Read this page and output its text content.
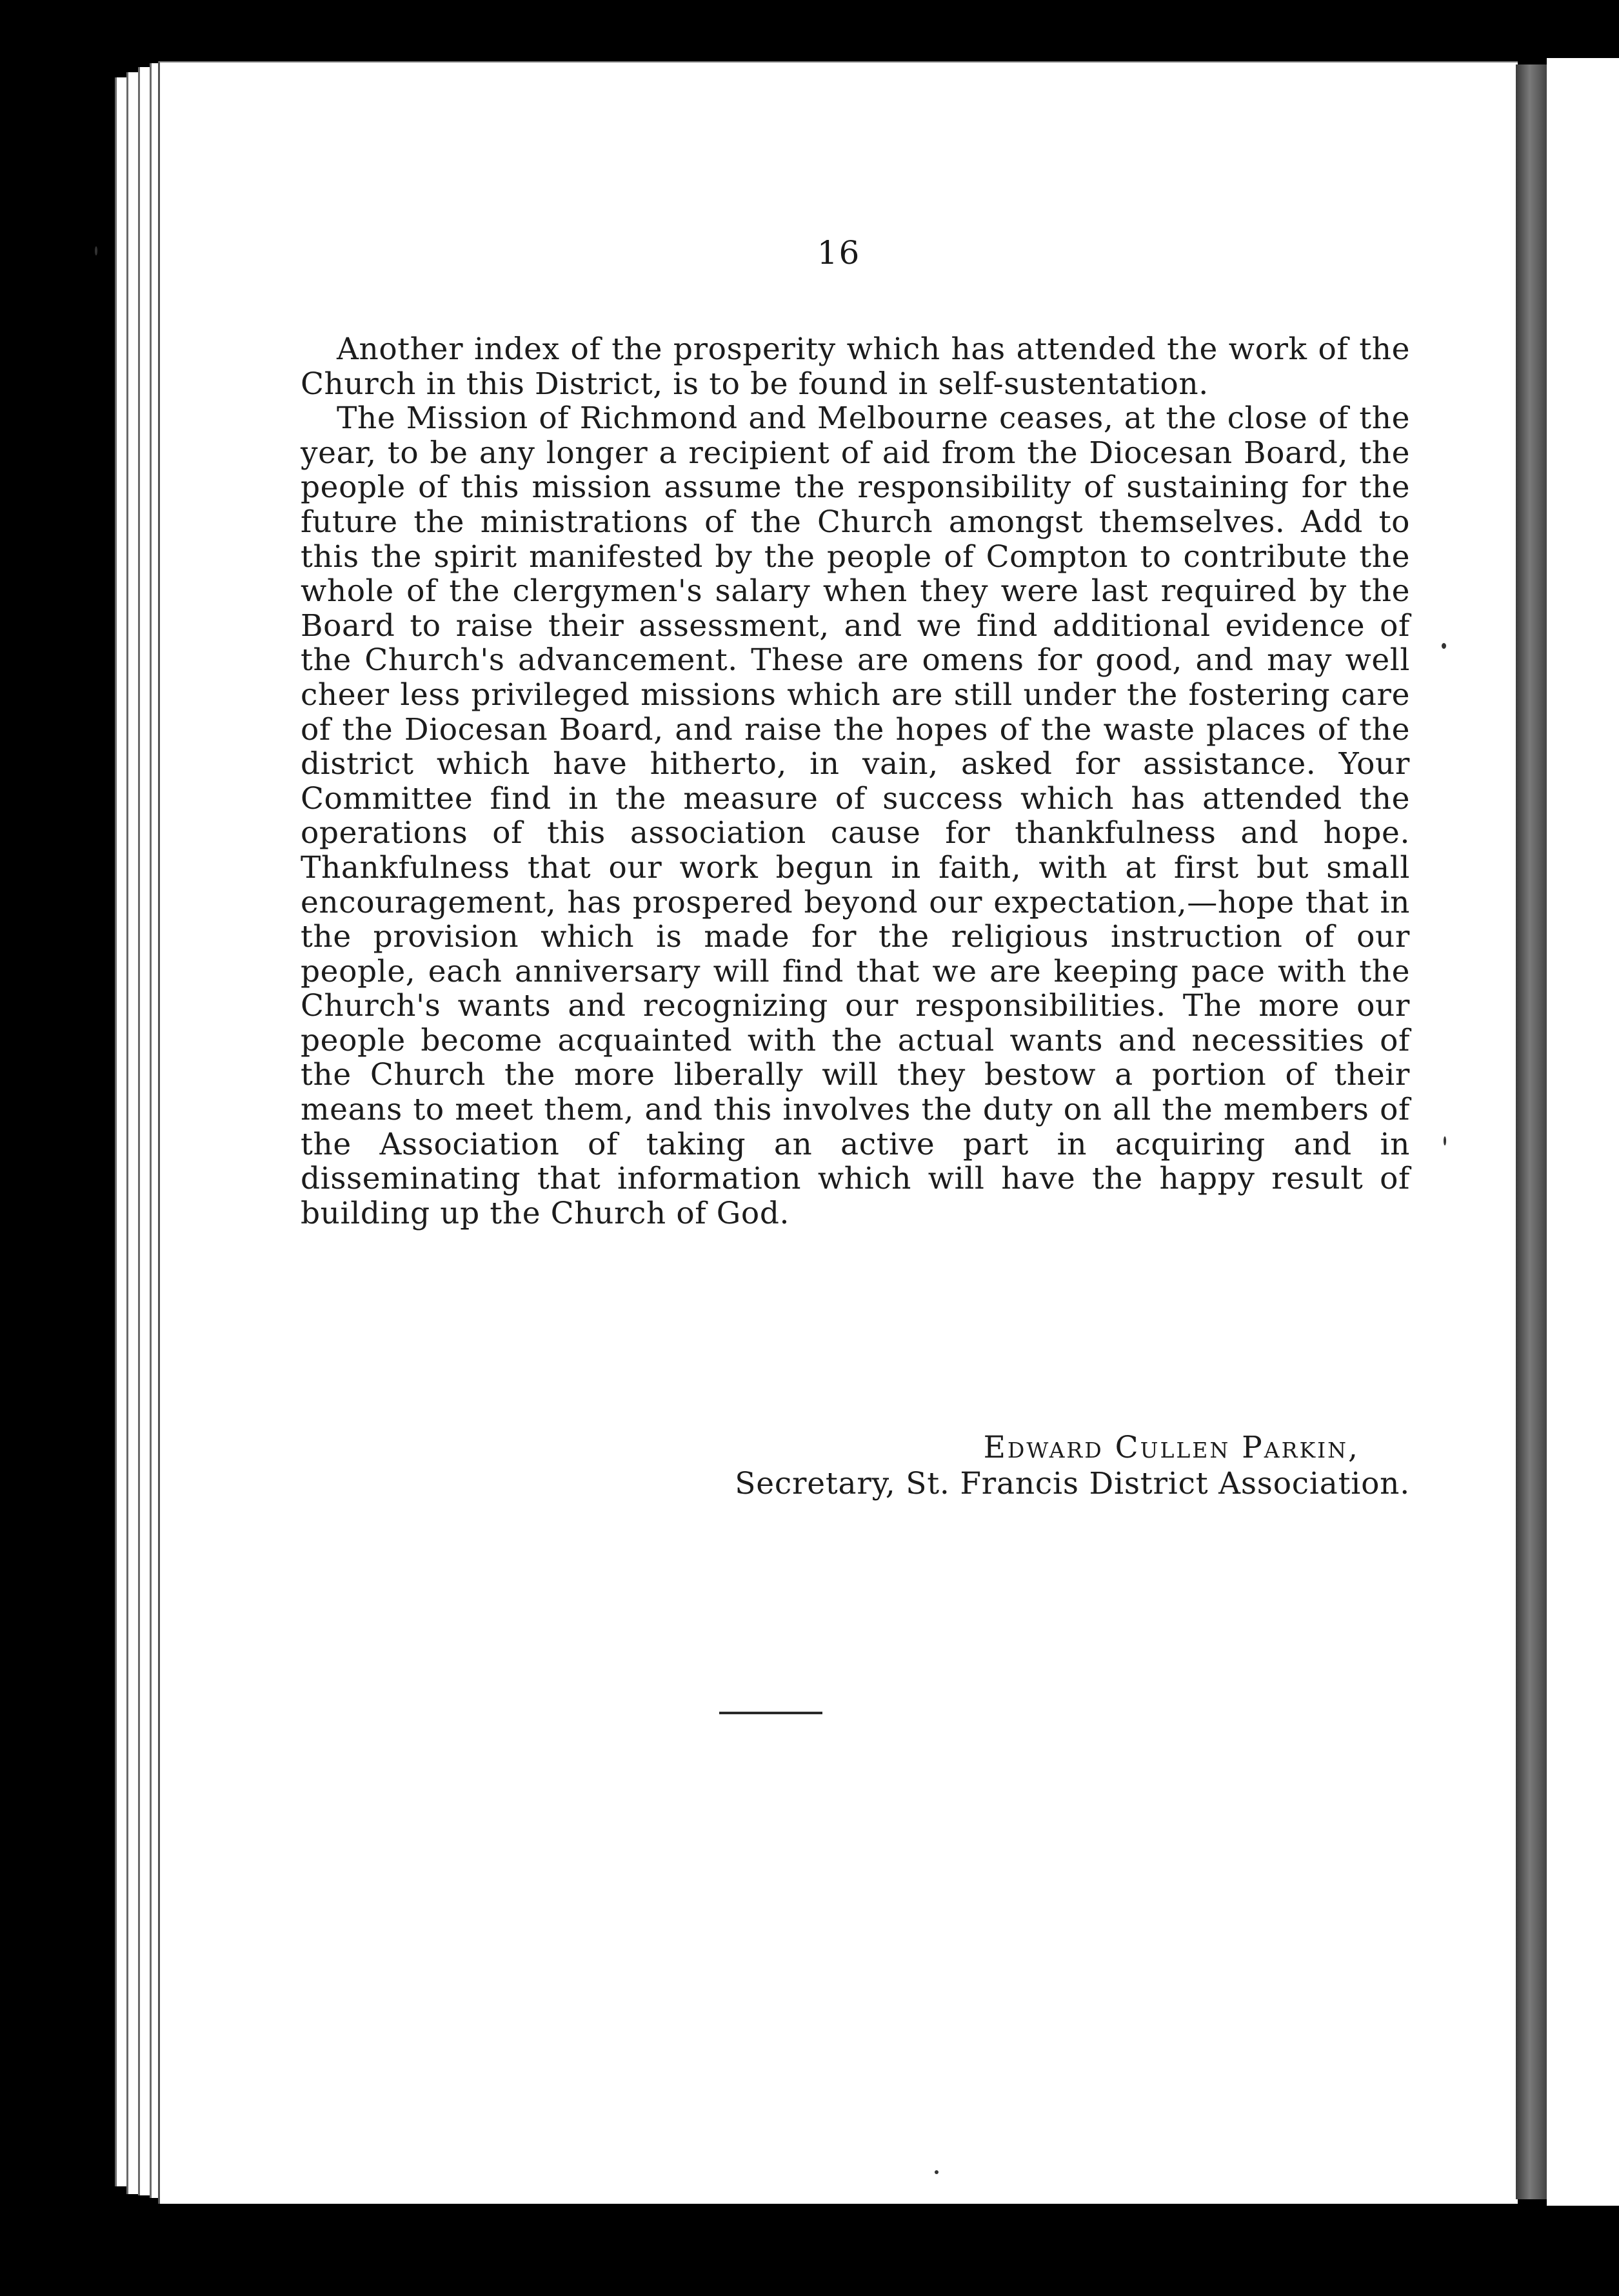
16

Another index of the prosperity which has attended the work of the Church in this District, is to be found in self-sustentation.

The Mission of Richmond and Melbourne ceases, at the close of the year, to be any longer a recipient of aid from the Diocesan Board, the people of this mission assume the responsibility of sustaining for the future the ministrations of the Church amongst themselves. Add to this the spirit manifested by the people of Compton to contribute the whole of the clergymen's salary when they were last required by the Board to raise their assessment, and we find additional evidence of the Church's advancement. These are omens for good, and may well cheer less privileged missions which are still under the fostering care of the Diocesan Board, and raise the hopes of the waste places of the district which have hitherto, in vain, asked for assistance. Your Committee find in the measure of success which has attended the operations of this association cause for thankfulness and hope. Thankfulness that our work begun in faith, with at first but small encouragement, has prospered beyond our expectation,—hope that in the provision which is made for the religious instruction of our people, each anniversary will find that we are keeping pace with the Church's wants and recognizing our responsibilities. The more our people become acquainted with the actual wants and necessities of the Church the more liberally will they bestow a portion of their means to meet them, and this involves the duty on all the members of the Association of taking an active part in acquiring and in disseminating that information which will have the happy result of building up the Church of God.

Edward Cullen Parkin,
Secretary, St. Francis District Association.
